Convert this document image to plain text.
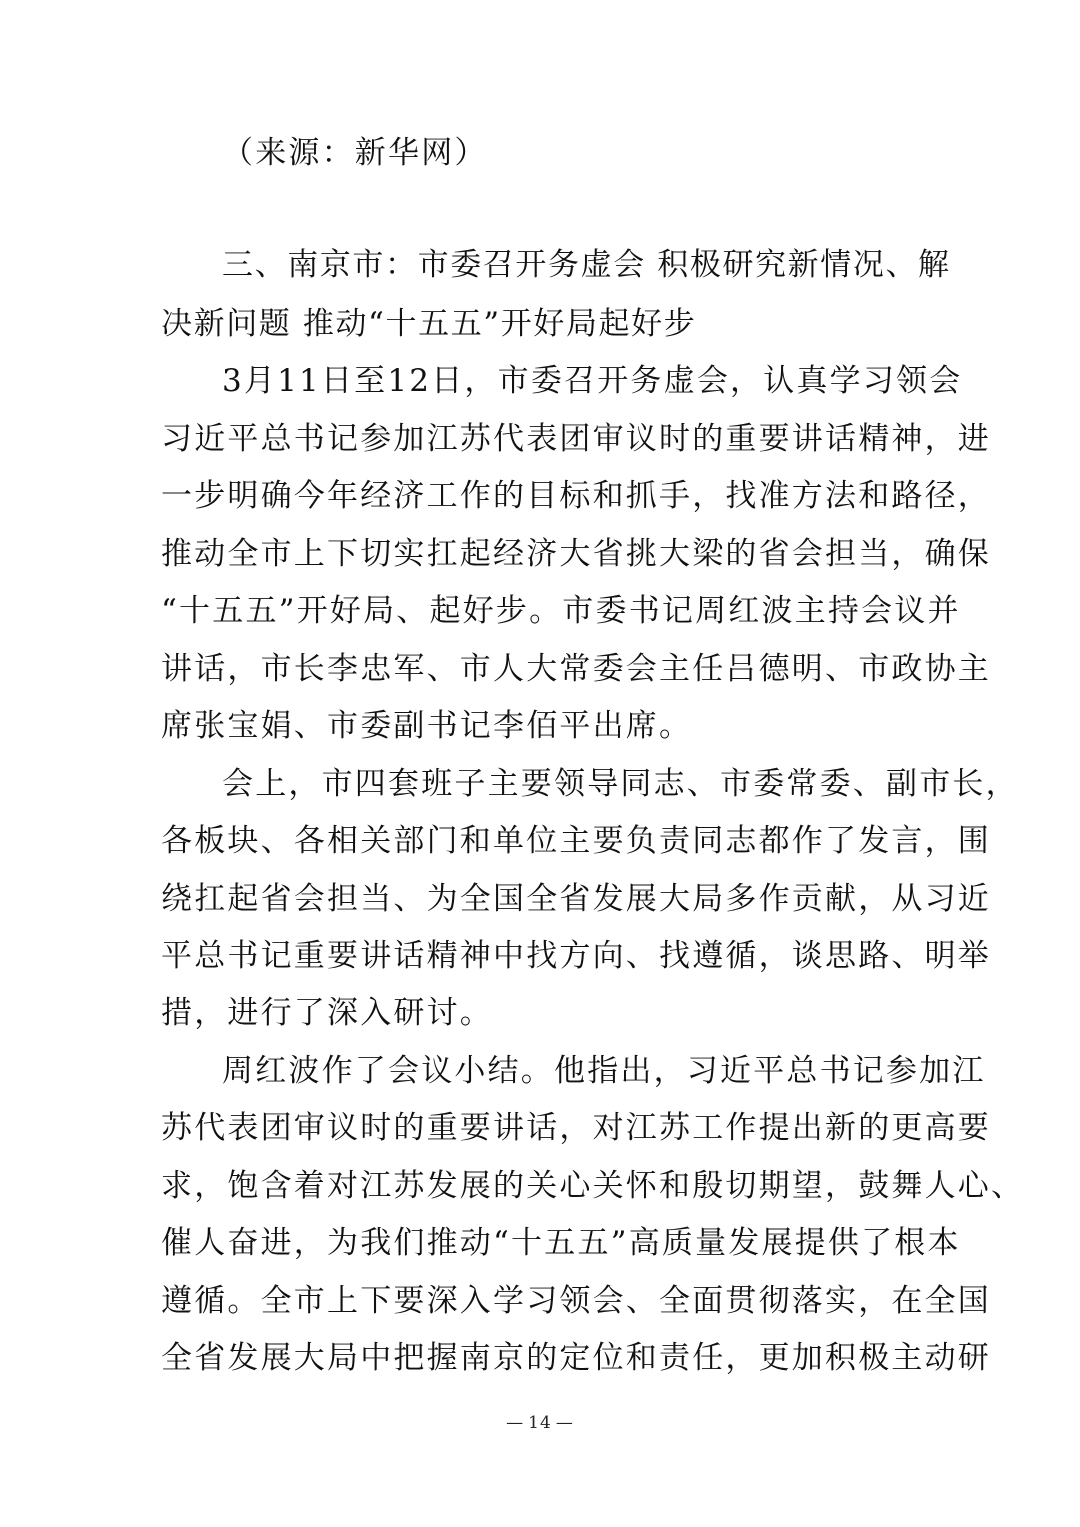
（来源：新华网）
三、南京市：市委召开务虚会 积极研究新情况、解
决新问题 推动“十五五”开好局起好步
3月11日至12日，市委召开务虚会，认真学习领会
习近平总书记参加江苏代表团审议时的重要讲话精神，进
一步明确今年经济工作的目标和抓手，找准方法和路径，
推动全市上下切实扛起经济大省挑大梁的省会担当，确保
“十五五”开好局、起好步。市委书记周红波主持会议并
讲话，市长李忠军、市人大常委会主任吕德明、市政协主
席张宝娟、市委副书记李佰平出席。
会上，市四套班子主要领导同志、市委常委、副市长，
各板块、各相关部门和单位主要负责同志都作了发言，围
绕扛起省会担当、为全国全省发展大局多作贡献，从习近
平总书记重要讲话精神中找方向、找遵循，谈思路、明举
措，进行了深入研讨。
周红波作了会议小结。他指出，习近平总书记参加江
苏代表团审议时的重要讲话，对江苏工作提出新的更高要
求，饱含着对江苏发展的关心关怀和殷切期望，鼓舞人心、
催人奋进，为我们推动“十五五”高质量发展提供了根本
遵循。全市上下要深入学习领会、全面贯彻落实，在全国
全省发展大局中把握南京的定位和责任，更加积极主动研
— 14 —
